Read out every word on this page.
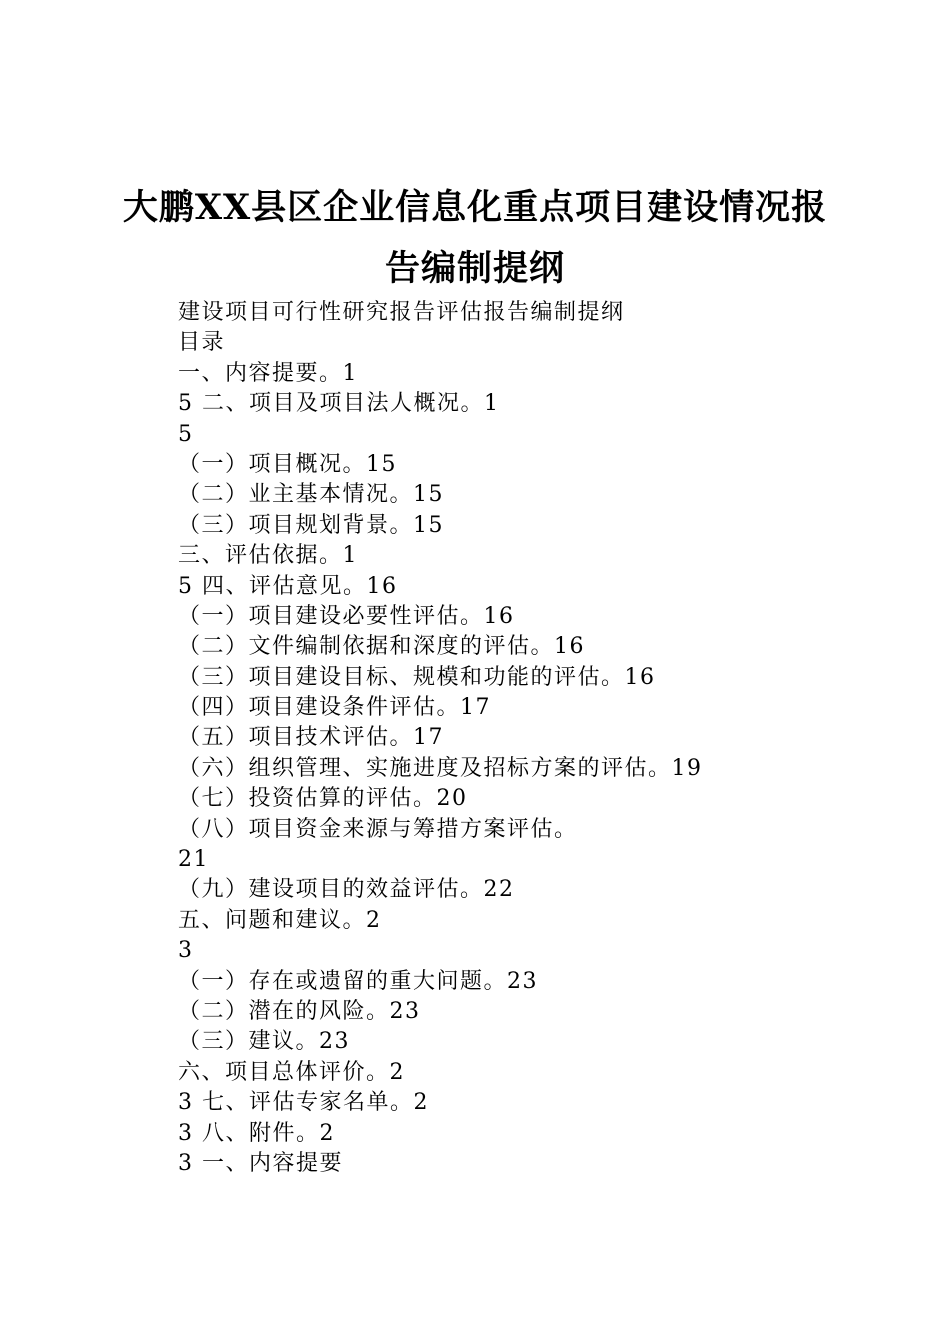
大鹏XX县区企业信息化重点项目建设情况报
告编制提纲
建设项目可行性研究报告评估报告编制提纲
目录
一、内容提要。1
5 二、项目及项目法人概况。1
5
（一）项目概况。15
（二）业主基本情况。15
（三）项目规划背景。15
三、评估依据。1
5 四、评估意见。16
（一）项目建设必要性评估。16
（二）文件编制依据和深度的评估。16
（三）项目建设目标、规模和功能的评估。16
（四）项目建设条件评估。17
（五）项目技术评估。17
（六）组织管理、实施进度及招标方案的评估。19
（七）投资估算的评估。20
（八）项目资金来源与筹措方案评估。
21
（九）建设项目的效益评估。22
五、问题和建议。2
3
（一）存在或遗留的重大问题。23
（二）潜在的风险。23
（三）建议。23
六、项目总体评价。2
3 七、评估专家名单。2
3 八、附件。2
3 一、内容提要
